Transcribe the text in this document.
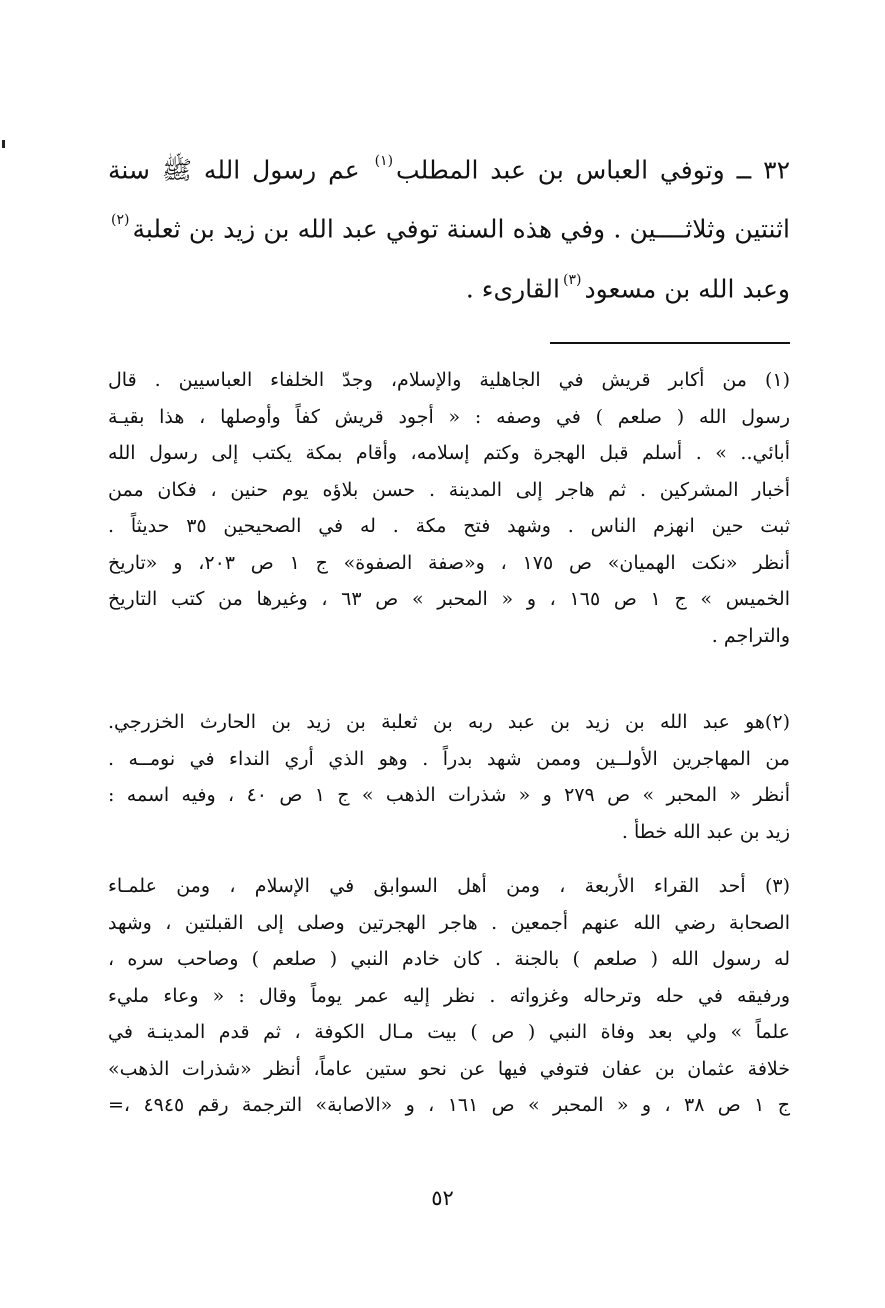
٣٢ ــ وتوفي العباس بن عبد المطلب$^{(١)}$ عم رسول الله ﷺ سنة
اثنتين وثلاثــــين . وفي هذه السنة توفي عبد الله بن زيد بن ثعلبة$^{(٢)}$
وعبد الله بن مسعود$^{(٣)}$القارىء .
(١) من أكابر قريش في الجاهلية والإسلام، وجدّ الخلفاء العباسيين . قال
رسول الله ( صلعم ) في وصفه : « أجود قريش كفاً وأوصلها ، هذا بقيـة
أبائي.. » . أسلم قبل الهجرة وكتم إسلامه، وأقام بمكة يكتب إلى رسول الله
أخبار المشركين . ثم هاجر إلى المدينة . حسن بلاؤه يوم حنين ، فكان ممن
ثبت حين انهزم الناس . وشهد فتح مكة . له في الصحيحين ٣٥ حديثاً .
أنظر «نكت الهميان» ص ١٧٥ ، و«صفة الصفوة» ج ١ ص ٢٠٣، و «تاريخ
الخميس » ج ١ ص ١٦٥ ، و « المحبر » ص ٦٣ ، وغيرها من كتب التاريخ
والتراجم .
(٢)هو عبد الله بن زيد بن عبد ربه بن ثعلبة بن زيد بن الحارث الخزرجي.
من المهاجرين الأولــين وممن شهد بدراً . وهو الذي أري النداء في نومــه .
أنظر « المحبر » ص ٢٧٩ و « شذرات الذهب » ج ١ ص ٤٠ ، وفيه اسمه :
زيد بن عبد الله خطأ .
(٣) أحد القراء الأربعة ، ومن أهل السوابق في الإسلام ، ومن علمـاء
الصحابة رضي الله عنهم أجمعين . هاجر الهجرتين وصلى إلى القبلتين ، وشهد
له رسول الله ( صلعم ) بالجنة . كان خادم النبي ( صلعم ) وصاحب سره ،
ورفيقه في حله وترحاله وغزواته . نظر إليه عمر يوماً وقال : « وعاء مليء
علماً » ولي بعد وفاة النبي ( ص ) بيت مـال الكوفة ، ثم قدم المدينـة في
خلافة عثمان بن عفان فتوفي فيها عن نحو ستين عاماً، أنظر «شذرات الذهب»
ج ١ ص ٣٨ ، و « المحبر » ص ١٦١ ، و «الاصابة» الترجمة رقم ٤٩٤٥ ،=
٥٢
